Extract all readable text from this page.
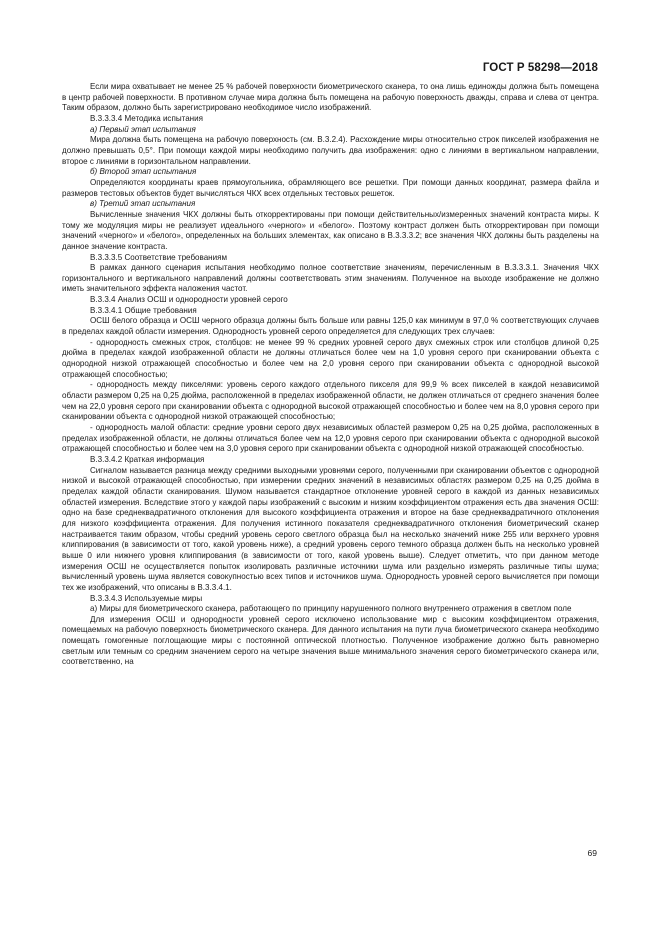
ГОСТ Р 58298—2018

Если мира охватывает не менее 25 % рабочей поверхности биометрического сканера, то она лишь единожды должна быть помещена в центр рабочей поверхности. В противном случае мира должна быть помещена на рабочую поверхность дважды, справа и слева от центра. Таким образом, должно быть зарегистрировано необходимое число изображений.

В.3.3.3.4 Методика испытания

а) Первый этап испытания

Мира должна быть помещена на рабочую поверхность (см. В.3.2.4). Расхождение миры относительно строк пикселей изображения не должно превышать 0,5°. При помощи каждой миры необходимо получить два изображения: одно с линиями в вертикальном направлении, второе с линиями в горизонтальном направлении.

б) Второй этап испытания

Определяются координаты краев прямоугольника, обрамляющего все решетки. При помощи данных координат, размера файла и размеров тестовых объектов будет вычисляться ЧКХ всех отдельных тестовых решеток.

в) Третий этап испытания

Вычисленные значения ЧКХ должны быть откорректированы при помощи действительных/измеренных значений контраста миры. К тому же модуляция миры не реализует идеального «черного» и «белого». Поэтому контраст должен быть откорректирован при помощи значений «черного» и «белого», определенных на больших элементах, как описано в В.3.3.3.2; все значения ЧКХ должны быть разделены на данное значение контраста.

В.3.3.3.5 Соответствие требованиям

В рамках данного сценария испытания необходимо полное соответствие значениям, перечисленным в В.3.3.3.1. Значения ЧКХ горизонтального и вертикального направлений должны соответствовать этим значениям. Полученное на выходе изображение не должно иметь значительного эффекта наложения частот.

В.3.3.4 Анализ ОСШ и однородности уровней серого

В.3.3.4.1 Общие требования

ОСШ белого образца и ОСШ черного образца должны быть больше или равны 125,0 как минимум в 97,0 % соответствующих случаев в пределах каждой области измерения. Однородность уровней серого определяется для следующих трех случаев:

- однородность смежных строк, столбцов: не менее 99 % средних уровней серого двух смежных строк или столбцов длиной 0,25 дюйма в пределах каждой изображенной области не должны отличаться более чем на 1,0 уровня серого при сканировании объекта с однородной низкой отражающей способностью и более чем на 2,0 уровня серого при сканировании объекта с однородной высокой отражающей способностью;

- однородность между пикселями: уровень серого каждого отдельного пикселя для 99,9 % всех пикселей в каждой независимой области размером 0,25 на 0,25 дюйма, расположенной в пределах изображенной области, не должен отличаться от среднего значения более чем на 22,0 уровня серого при сканировании объекта с однородной высокой отражающей способностью и более чем на 8,0 уровня серого при сканировании объекта с однородной низкой отражающей способностью;

- однородность малой области: средние уровни серого двух независимых областей размером 0,25 на 0,25 дюйма, расположенных в пределах изображенной области, не должны отличаться более чем на 12,0 уровня серого при сканировании объекта с однородной высокой отражающей способностью и более чем на 3,0 уровня серого при сканировании объекта с однородной низкой отражающей способностью.

В.3.3.4.2 Краткая информация

Сигналом называется разница между средними выходными уровнями серого, полученными при сканировании объектов с однородной низкой и высокой отражающей способностью, при измерении средних значений в независимых областях размером 0,25 на 0,25 дюйма в пределах каждой области сканирования. Шумом называется стандартное отклонение уровней серого в каждой из данных независимых областей измерения. Вследствие этого у каждой пары изображений с высоким и низким коэффициентом отражения есть два значения ОСШ: одно на базе среднеквадратичного отклонения для высокого коэффициента отражения и второе на базе среднеквадратичного отклонения для низкого коэффициента отражения. Для получения истинного показателя среднеквадратичного отклонения биометрический сканер настраивается таким образом, чтобы средний уровень серого светлого образца был на несколько значений ниже 255 или верхнего уровня клиппирования (в зависимости от того, какой уровень ниже), а средний уровень серого темного образца должен быть на несколько уровней выше 0 или нижнего уровня клиппирования (в зависимости от того, какой уровень выше). Следует отметить, что при данном методе измерения ОСШ не осуществляется попыток изолировать различные источники шума или раздельно измерять различные типы шума; вычисленный уровень шума является совокупностью всех типов и источников шума. Однородность уровней серого вычисляется при помощи тех же изображений, что описаны в В.3.3.4.1.

В.3.3.4.3 Используемые миры

а) Миры для биометрического сканера, работающего по принципу нарушенного полного внутреннего отражения в светлом поле

Для измерения ОСШ и однородности уровней серого исключено использование мир с высоким коэффициентом отражения, помещаемых на рабочую поверхность биометрического сканера. Для данного испытания на пути луча биометрического сканера необходимо помещать гомогенные поглощающие миры с постоянной оптической плотностью. Полученное изображение должно быть равномерно светлым или темным со средним значением серого на четыре значения выше минимального значения серого биометрического сканера или, соответственно, на

69
